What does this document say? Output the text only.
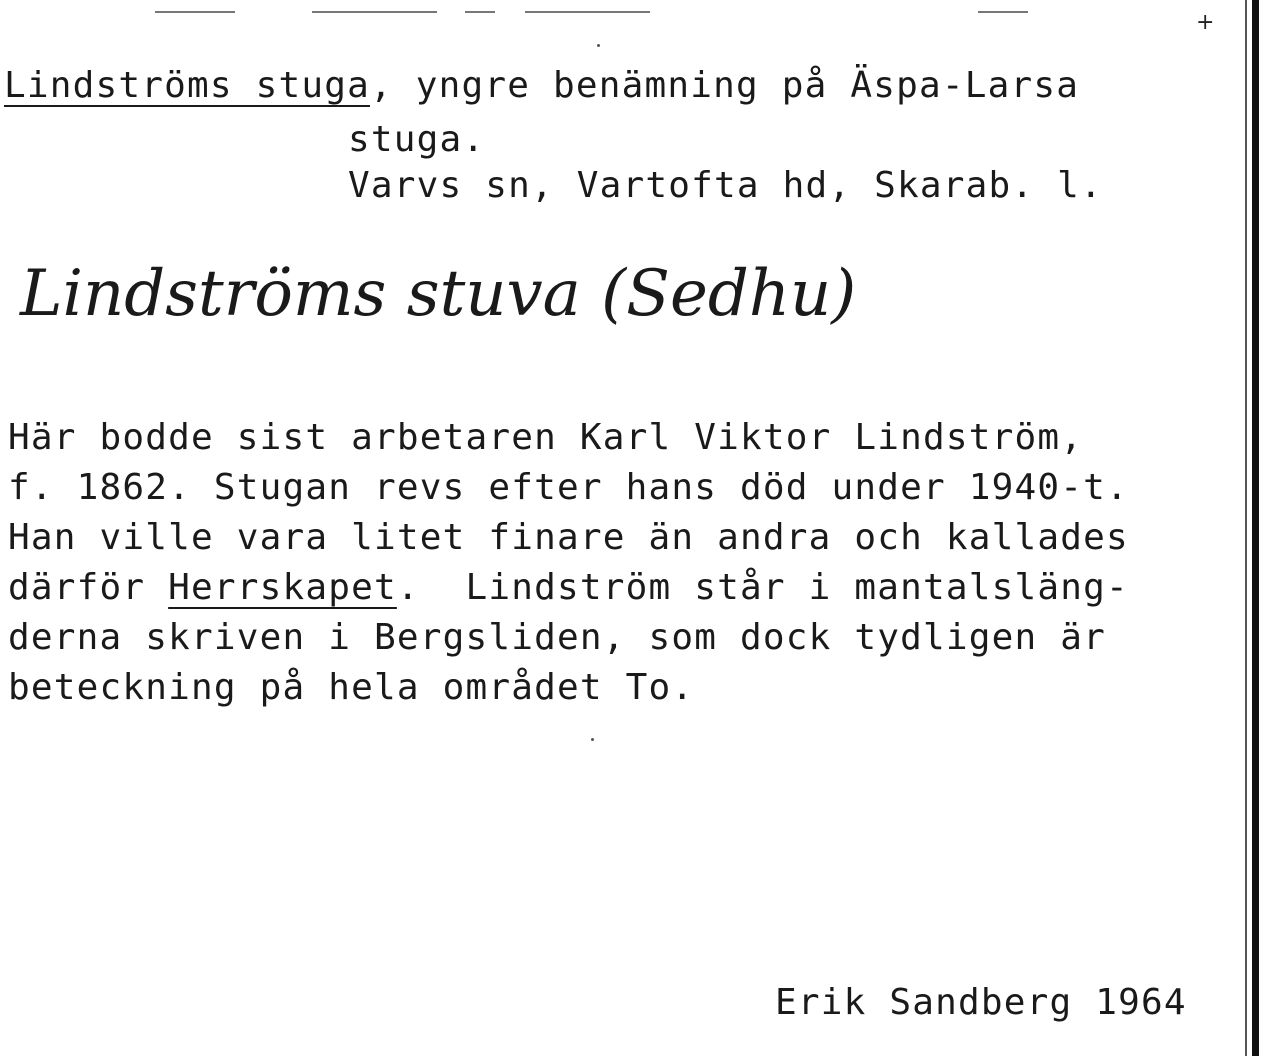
+
Lindströms stuga, yngre benämning på Äspa-Larsa
stuga.
Varvs sn, Vartofta hd, Skarab. l.
Lindströms stuva (Sedhu)
Här bodde sist arbetaren Karl Viktor Lindström,
f. 1862. Stugan revs efter hans död under 1940-t.
Han ville vara litet finare än andra och kallades
därför Herrskapet.  Lindström står i mantalsläng-
derna skriven i Bergsliden, som dock tydligen är
beteckning på hela området To.
Erik Sandberg 1964
